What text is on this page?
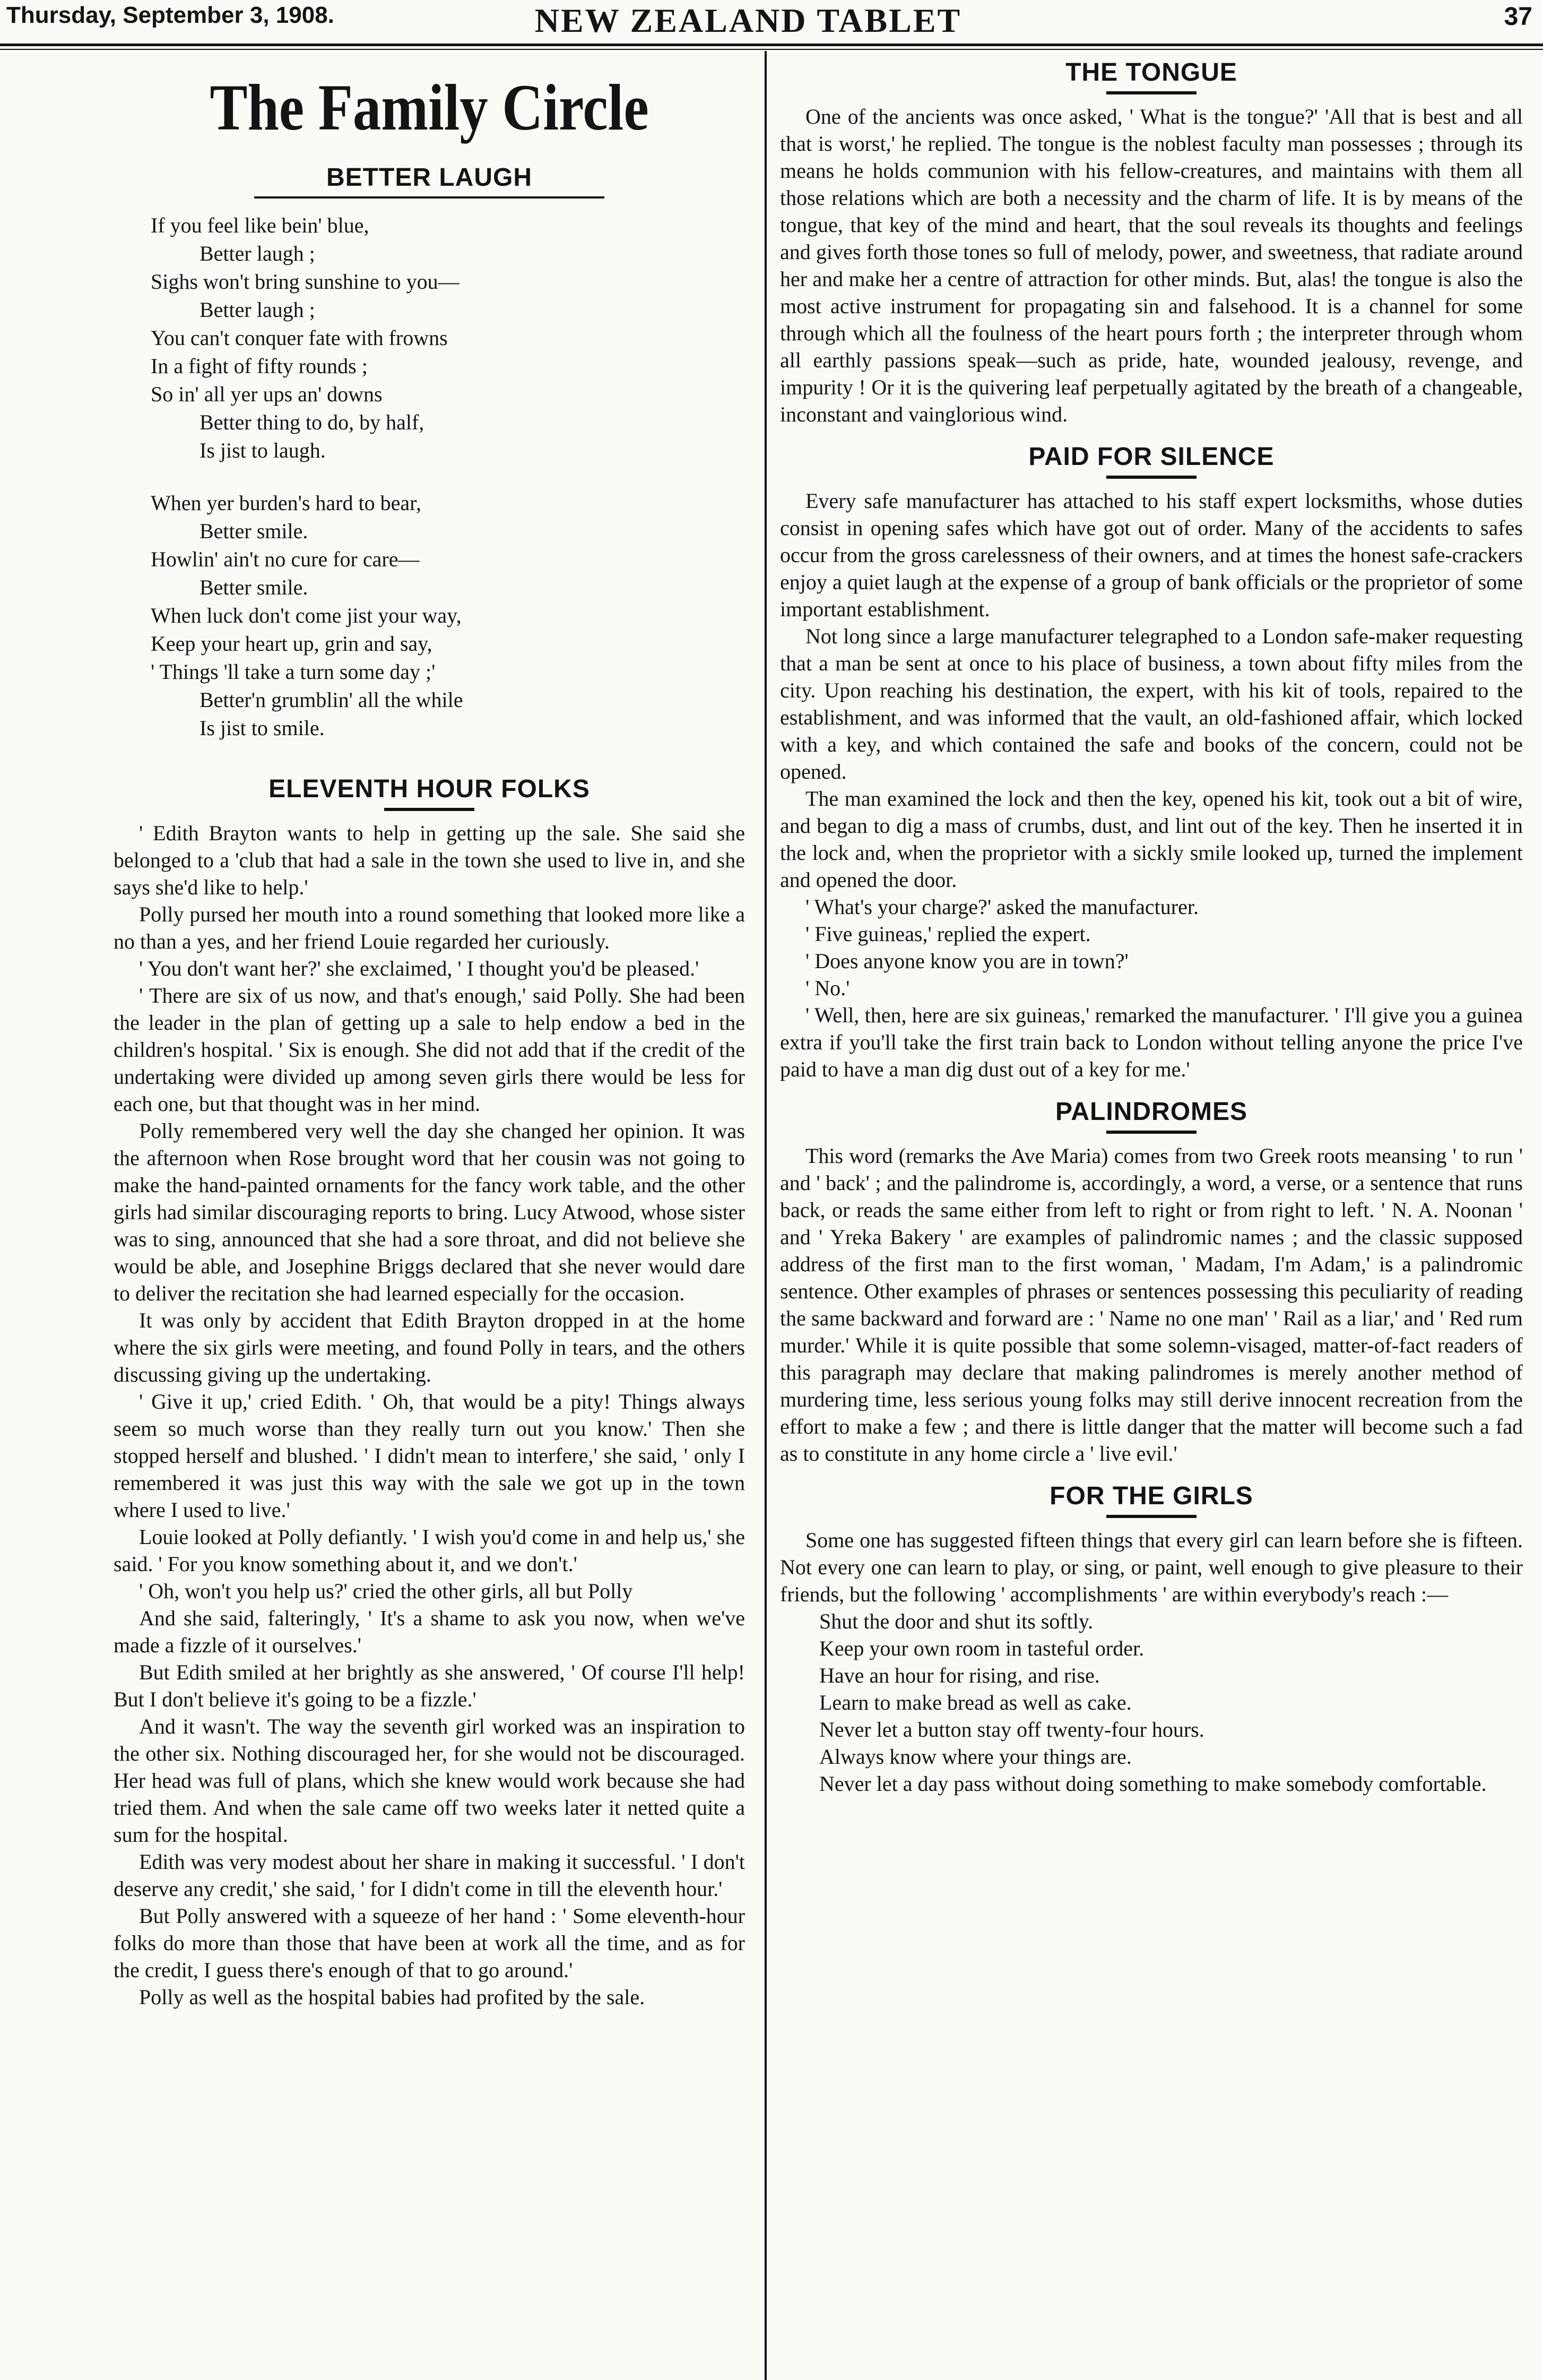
Thursday, September 3, 1908.	NEW ZEALAND TABLET	37
The Family Circle
BETTER LAUGH
If you feel like bein' blue,
Better laugh ;
Sighs won't bring sunshine to you—
Better laugh ;
You can't conquer fate with frowns
In a fight of fifty rounds ;
So in' all yer ups an' downs
Better thing to do, by half,
Is jist to laugh.
When yer burden's hard to bear,
Better smile.
Howlin' ain't no cure for care—
Better smile.
When luck don't come jist your way,
Keep your heart up, grin and say,
' Things 'll take a turn some day ;'
Better'n grumblin' all the while
Is jist to smile.
ELEVENTH HOUR FOLKS

' Edith Brayton wants to help in getting up the sale. She said she belonged to a 'club that had a sale in the town she used to live in, and she says she'd like to help.'

Polly pursed her mouth into a round something that looked more like a no than a yes, and her friend Louie regarded her curiously.

' You don't want her?' she exclaimed, ' I thought you'd be pleased.'

' There are six of us now, and that's enough,' said Polly. She had been the leader in the plan of getting up a sale to help endow a bed in the children's hospital. ' Six is enough. She did not add that if the credit of the undertaking were divided up among seven girls there would be less for each one, but that thought was in her mind.

Polly remembered very well the day she changed her opinion. It was the afternoon when Rose brought word that her cousin was not going to make the hand-painted ornaments for the fancy work table, and the other girls had similar discouraging reports to bring. Lucy Atwood, whose sister was to sing, announced that she had a sore throat, and did not believe she would be able, and Josephine Briggs declared that she never would dare to deliver the recitation she had learned especially for the occasion.

It was only by accident that Edith Brayton dropped in at the home where the six girls were meeting, and found Polly in tears, and the others discussing giving up the undertaking.

' Give it up,' cried Edith. ' Oh, that would be a pity! Things always seem so much worse than they really turn out you know.' Then she stopped herself and blushed. ' I didn't mean to interfere,' she said, ' only I remembered it was just this way with the sale we got up in the town where I used to live.'

Louie looked at Polly defiantly. ' I wish you'd come in and help us,' she said. ' For you know something about it, and we don't.'

' Oh, won't you help us?' cried the other girls, all but Polly

And she said, falteringly, ' It's a shame to ask you now, when we've made a fizzle of it ourselves.'

But Edith smiled at her brightly as she answered, ' Of course I'll help! But I don't believe it's going to be a fizzle.'

And it wasn't. The way the seventh girl worked was an inspiration to the other six. Nothing discouraged her, for she would not be discouraged. Her head was full of plans, which she knew would work because she had tried them. And when the sale came off two weeks later it netted quite a sum for the hospital.

Edith was very modest about her share in making it successful. ' I don't deserve any credit,' she said, ' for I didn't come in till the eleventh hour.'

But Polly answered with a squeeze of her hand : ' Some eleventh-hour folks do more than those that have been at work all the time, and as for the credit, I guess there's enough of that to go around.'

Polly as well as the hospital babies had profited by the sale.

THE TONGUE

One of the ancients was once asked, ' What is the tongue?' 'All that is best and all that is worst,' he replied. The tongue is the noblest faculty man possesses ; through its means he holds communion with his fellow-creatures, and maintains with them all those relations which are both a necessity and the charm of life. It is by means of the tongue, that key of the mind and heart, that the soul reveals its thoughts and feelings and gives forth those tones so full of melody, power, and sweetness, that radiate around her and make her a centre of attraction for other minds. But, alas! the tongue is also the most active instrument for propagating sin and falsehood. It is a channel for some through which all the foulness of the heart pours forth ; the interpreter through whom all earthly passions speak—such as pride, hate, wounded jealousy, revenge, and impurity ! Or it is the quivering leaf perpetually agitated by the breath of a changeable, inconstant and vainglorious wind.

PAID FOR SILENCE

Every safe manufacturer has attached to his staff expert locksmiths, whose duties consist in opening safes which have got out of order. Many of the accidents to safes occur from the gross carelessness of their owners, and at times the honest safe-crackers enjoy a quiet laugh at the expense of a group of bank officials or the proprietor of some important establishment.

Not long since a large manufacturer telegraphed to a London safe-maker requesting that a man be sent at once to his place of business, a town about fifty miles from the city. Upon reaching his destination, the expert, with his kit of tools, repaired to the establishment, and was informed that the vault, an old-fashioned affair, which locked with a key, and which contained the safe and books of the concern, could not be opened.

The man examined the lock and then the key, opened his kit, took out a bit of wire, and began to dig a mass of crumbs, dust, and lint out of the key. Then he inserted it in the lock and, when the proprietor with a sickly smile looked up, turned the implement and opened the door.

' What's your charge?' asked the manufacturer.

' Five guineas,' replied the expert.

' Does anyone know you are in town?'

' No.'

' Well, then, here are six guineas,' remarked the manufacturer. ' I'll give you a guinea extra if you'll take the first train back to London without telling anyone the price I've paid to have a man dig dust out of a key for me.'

PALINDROMES

This word (remarks the Ave Maria) comes from two Greek roots meansing ' to run ' and ' back' ; and the palindrome is, accordingly, a word, a verse, or a sentence that runs back, or reads the same either from left to right or from right to left. ' N. A. Noonan ' and ' Yreka Bakery ' are examples of palindromic names ; and the classic supposed address of the first man to the first woman, ' Madam, I'm Adam,' is a palindromic sentence. Other examples of phrases or sentences possessing this peculiarity of reading the same backward and forward are : ' Name no one man' ' Rail as a liar,' and ' Red rum murder.' While it is quite possible that some solemn-visaged, matter-of-fact readers of this paragraph may declare that making palindromes is merely another method of murdering time, less serious young folks may still derive innocent recreation from the effort to make a few ; and there is little danger that the matter will become such a fad as to constitute in any home circle a ' live evil.'

FOR THE GIRLS

Some one has suggested fifteen things that every girl can learn before she is fifteen. Not every one can learn to play, or sing, or paint, well enough to give pleasure to their friends, but the following ' accomplishments ' are within everybody's reach :—

Shut the door and shut its softly.

Keep your own room in tasteful order.

Have an hour for rising, and rise.

Learn to make bread as well as cake.

Never let a button stay off twenty-four hours.

Always know where your things are.

Never let a day pass without doing something to make somebody comfortable.
